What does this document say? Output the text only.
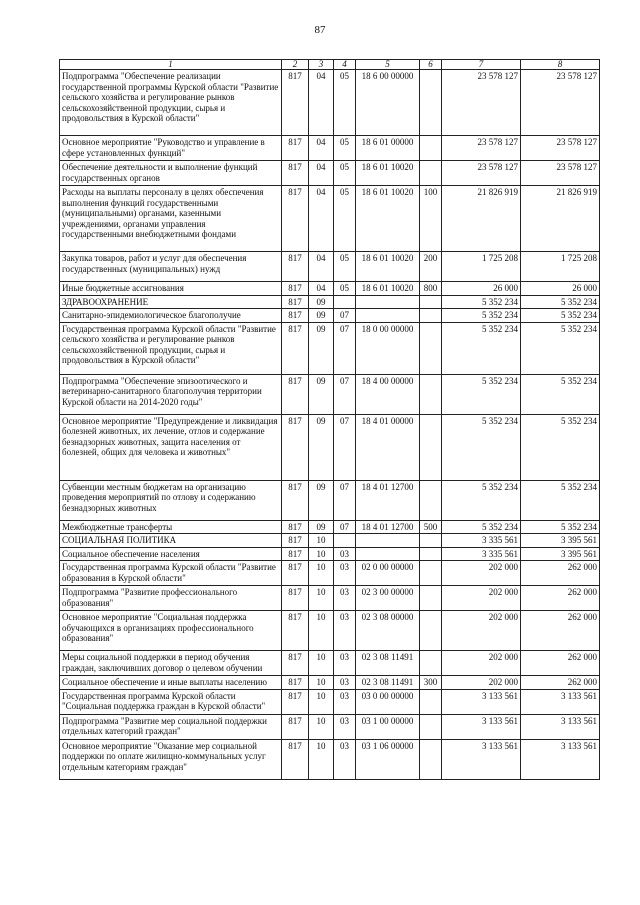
87
1	2	3	4	5	6	7	8
Подпрограмма "Обеспечение реализации государственной программы Курской области "Развитие сельского хозяйства и регулирование рынков сельскохозяйственной продукции, сырья и продовольствия в Курской области"	817	04	05	18 6 00 00000		23 578 127	23 578 127
Основное мероприятие "Руководство и управление в сфере установленных функций"	817	04	05	18 6 01 00000		23 578 127	23 578 127
Обеспечение деятельности и выполнение функций государственных органов	817	04	05	18 6 01 10020		23 578 127	23 578 127
Расходы на выплаты персоналу в целях обеспечения выполнения функций государственными (муниципальными) органами, казенными учреждениями, органами управления государственными внебюджетными фондами	817	04	05	18 6 01 10020	100	21 826 919	21 826 919
Закупка товаров, работ и услуг для обеспечения государственных (муниципальных) нужд	817	04	05	18 6 01 10020	200	1 725 208	1 725 208
Иные бюджетные ассигнования	817	04	05	18 6 01 10020	800	26 000	26 000
ЗДРАВООХРАНЕНИЕ	817	09				5 352 234	5 352 234
Санитарно-эпидемиологическое благополучие	817	09	07			5 352 234	5 352 234
Государственная программа Курской области "Развитие сельского хозяйства и регулирование рынков сельскохозяйственной продукции, сырья и продовольствия в Курской области"	817	09	07	18 0 00 00000		5 352 234	5 352 234
Подпрограмма "Обеспечение эпизоотического и ветеринарно-санитарного благополучия территории Курской области на 2014-2020 годы"	817	09	07	18 4 00 00000		5 352 234	5 352 234
Основное мероприятие "Предупреждение и ликвидация болезней животных, их лечение, отлов и содержание безнадзорных животных, защита населения от болезней, общих для человека и животных"	817	09	07	18 4 01 00000		5 352 234	5 352 234
Субвенции местным бюджетам на организацию проведения мероприятий по отлову и содержанию безнадзорных животных	817	09	07	18 4 01 12700		5 352 234	5 352 234
Межбюджетные трансферты	817	09	07	18 4 01 12700	500	5 352 234	5 352 234
СОЦИАЛЬНАЯ ПОЛИТИКА	817	10				3 335 561	3 395 561
Социальное обеспечение населения	817	10	03			3 335 561	3 395 561
Государственная программа Курской области "Развитие образования в Курской области"	817	10	03	02 0 00 00000		202 000	262 000
Подпрограмма "Развитие профессионального образования"	817	10	03	02 3 00 00000		202 000	262 000
Основное мероприятие "Социальная поддержка обучающихся в организациях профессионального образования"	817	10	03	02 3 08 00000		202 000	262 000
Меры социальной поддержки в период обучения граждан, заключивших договор о целевом обучении	817	10	03	02 3 08 11491		202 000	262 000
Социальное обеспечение и иные выплаты населению	817	10	03	02 3 08 11491	300	202 000	262 000
Государственная программа Курской области "Социальная поддержка граждан в Курской области"	817	10	03	03 0 00 00000		3 133 561	3 133 561
Подпрограмма "Развитие мер социальной поддержки отдельных категорий граждан"	817	10	03	03 1 00 00000		3 133 561	3 133 561
Основное мероприятие "Оказание мер социальной поддержки по оплате жилищно-коммунальных услуг отдельным категориям граждан"	817	10	03	03 1 06 00000		3 133 561	3 133 561
